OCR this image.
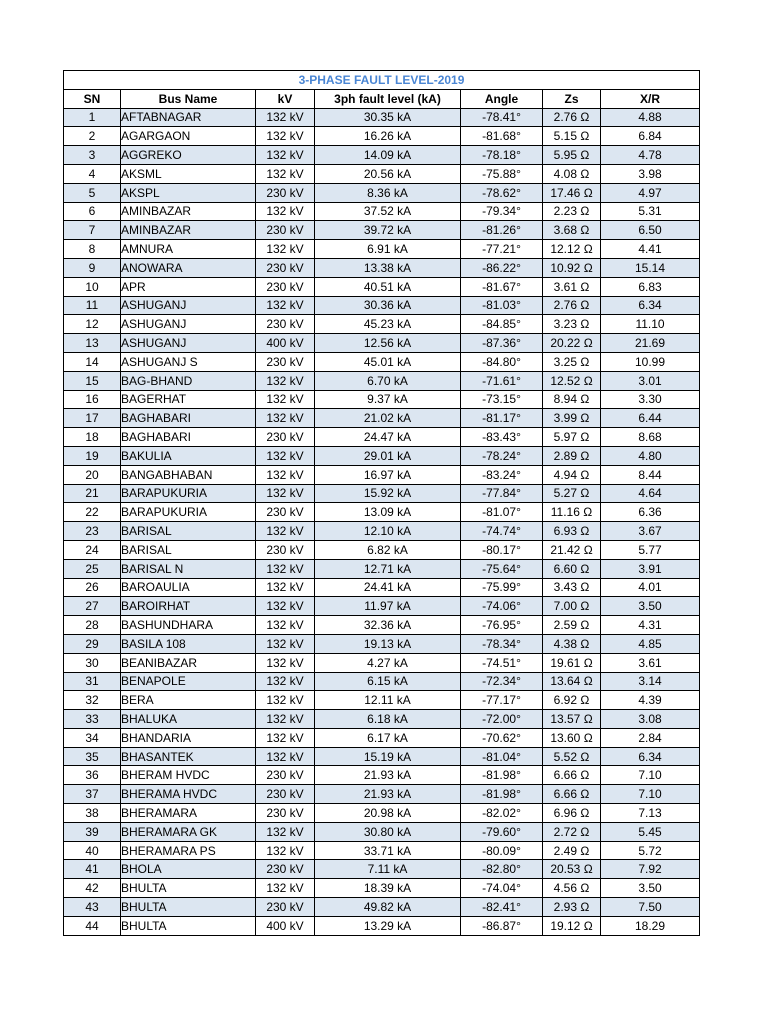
3-PHASE FAULT LEVEL-2019						
SN	Bus Name	kV	3ph fault level (kA)	Angle	Zs	X/R
1	AFTABNAGAR	132 kV	30.35 kA	-78.41°	2.76 Ω	4.88
2	AGARGAON	132 kV	16.26 kA	-81.68°	5.15 Ω	6.84
3	AGGREKO	132 kV	14.09 kA	-78.18°	5.95 Ω	4.78
4	AKSML	132 kV	20.56 kA	-75.88°	4.08 Ω	3.98
5	AKSPL	230 kV	8.36 kA	-78.62°	17.46 Ω	4.97
6	AMINBAZAR	132 kV	37.52 kA	-79.34°	2.23 Ω	5.31
7	AMINBAZAR	230 kV	39.72 kA	-81.26°	3.68 Ω	6.50
8	AMNURA	132 kV	6.91 kA	-77.21°	12.12 Ω	4.41
9	ANOWARA	230 kV	13.38 kA	-86.22°	10.92 Ω	15.14
10	APR	230 kV	40.51 kA	-81.67°	3.61 Ω	6.83
11	ASHUGANJ	132 kV	30.36 kA	-81.03°	2.76 Ω	6.34
12	ASHUGANJ	230 kV	45.23 kA	-84.85°	3.23 Ω	11.10
13	ASHUGANJ	400 kV	12.56 kA	-87.36°	20.22 Ω	21.69
14	ASHUGANJ S	230 kV	45.01 kA	-84.80°	3.25 Ω	10.99
15	BAG-BHAND	132 kV	6.70 kA	-71.61°	12.52 Ω	3.01
16	BAGERHAT	132 kV	9.37 kA	-73.15°	8.94 Ω	3.30
17	BAGHABARI	132 kV	21.02 kA	-81.17°	3.99 Ω	6.44
18	BAGHABARI	230 kV	24.47 kA	-83.43°	5.97 Ω	8.68
19	BAKULIA	132 kV	29.01 kA	-78.24°	2.89 Ω	4.80
20	BANGABHABAN	132 kV	16.97 kA	-83.24°	4.94 Ω	8.44
21	BARAPUKURIA	132 kV	15.92 kA	-77.84°	5.27 Ω	4.64
22	BARAPUKURIA	230 kV	13.09 kA	-81.07°	11.16 Ω	6.36
23	BARISAL	132 kV	12.10 kA	-74.74°	6.93 Ω	3.67
24	BARISAL	230 kV	6.82 kA	-80.17°	21.42 Ω	5.77
25	BARISAL N	132 kV	12.71 kA	-75.64°	6.60 Ω	3.91
26	BAROAULIA	132 kV	24.41 kA	-75.99°	3.43 Ω	4.01
27	BAROIRHAT	132 kV	11.97 kA	-74.06°	7.00 Ω	3.50
28	BASHUNDHARA	132 kV	32.36 kA	-76.95°	2.59 Ω	4.31
29	BASILA 108	132 kV	19.13 kA	-78.34°	4.38 Ω	4.85
30	BEANIBAZAR	132 kV	4.27 kA	-74.51°	19.61 Ω	3.61
31	BENAPOLE	132 kV	6.15 kA	-72.34°	13.64 Ω	3.14
32	BERA	132 kV	12.11 kA	-77.17°	6.92 Ω	4.39
33	BHALUKA	132 kV	6.18 kA	-72.00°	13.57 Ω	3.08
34	BHANDARIA	132 kV	6.17 kA	-70.62°	13.60 Ω	2.84
35	BHASANTEK	132 kV	15.19 kA	-81.04°	5.52 Ω	6.34
36	BHERAM HVDC	230 kV	21.93 kA	-81.98°	6.66 Ω	7.10
37	BHERAMA HVDC	230 kV	21.93 kA	-81.98°	6.66 Ω	7.10
38	BHERAMARA	230 kV	20.98 kA	-82.02°	6.96 Ω	7.13
39	BHERAMARA GK	132 kV	30.80 kA	-79.60°	2.72 Ω	5.45
40	BHERAMARA PS	132 kV	33.71 kA	-80.09°	2.49 Ω	5.72
41	BHOLA	230 kV	7.11 kA	-82.80°	20.53 Ω	7.92
42	BHULTA	132 kV	18.39 kA	-74.04°	4.56 Ω	3.50
43	BHULTA	230 kV	49.82 kA	-82.41°	2.93 Ω	7.50
44	BHULTA	400 kV	13.29 kA	-86.87°	19.12 Ω	18.29
